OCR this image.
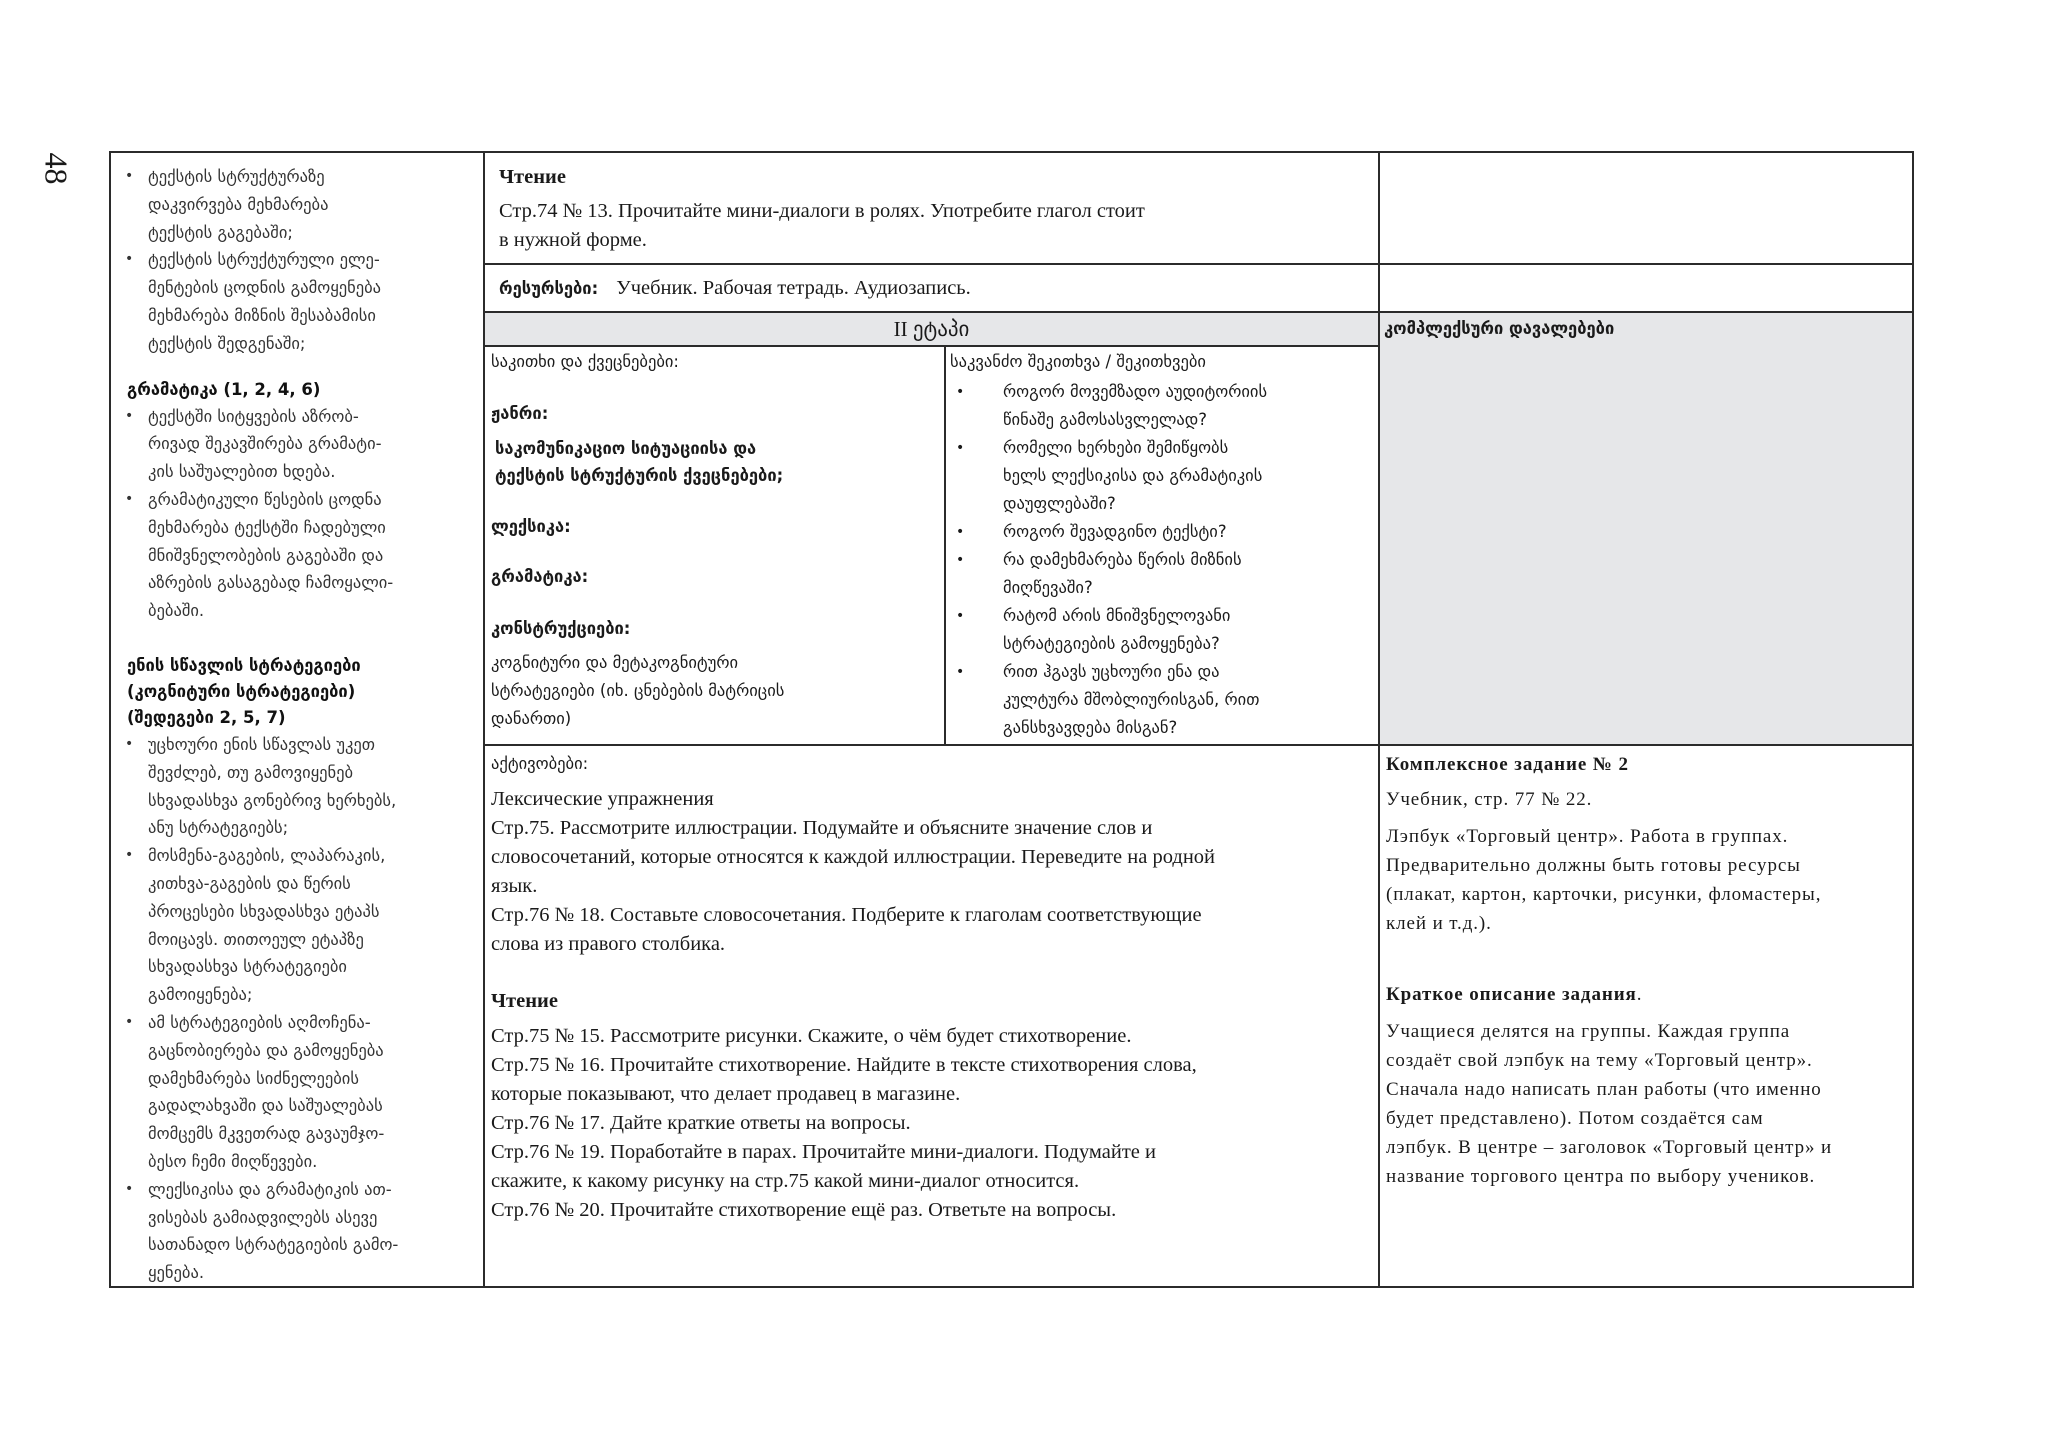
48	• ტექსტის სტრუქტურაზე
დაკვირვება მეხმარება
ტექსტის გაგებაში;
• ტექსტის სტრუქტურული ელე-
მენტების ცოდნის გამოყენება
მეხმარება მიზნის შესაბამისი
ტექსტის შედგენაში;
გრამატიკა (1, 2, 4, 6)
• ტექსტში სიტყვების აზრობ-
რივად შეკავშირება გრამატი-
კის საშუალებით ხდება.
• გრამატიკული წესების ცოდნა
მეხმარება ტექსტში ჩადებული
მნიშვნელობების გაგებაში და
აზრების გასაგებად ჩამოყალი-
ბებაში.
ენის სწავლის სტრატეგიები
(კოგნიტური სტრატეგიები)
(შედეგები 2, 5, 7)
• უცხოური ენის სწავლას უკეთ
შევძლებ, თუ გამოვიყენებ
სხვადასხვა გონებრივ ხერხებს,
ანუ სტრატეგიებს;
• მოსმენა-გაგების, ლაპარაკის,
კითხვა-გაგების და წერის
პროცესები სხვადასხვა ეტაპს
მოიცავს. თითოეულ ეტაპზე
სხვადასხვა სტრატეგიები
გამოიყენება;
• ამ სტრატეგიების აღმოჩენა-
გაცნობიერება და გამოყენება
დამეხმარება სიძნელეების
გადალახვაში და საშუალებას
მომცემს მკვეთრად გავაუმჯო-
ბესო ჩემი მიღწევები.
• ლექსიკისა და გრამატიკის ათ-
ვისებას გამიადვილებს ასევე
სათანადო სტრატეგიების გამო-
ყენება.
Чтение
Стр.74 № 13. Прочитайте мини-диалоги в ролях. Употребите глагол стоит
в нужной форме.
რესურსები: Учебник. Рабочая тетрадь. Аудиозапись.
II ეტაპი	კომპლექსური დავალებები
საკითხი და ქვეცნებები:
ჟანრი:
საკომუნიკაციო სიტუაციისა და
ტექსტის სტრუქტურის ქვეცნებები;
ლექსიკა:
გრამატიკა:
კონსტრუქციები:
კოგნიტური და მეტაკოგნიტური
სტრატეგიები (იხ. ცნებების მატრიცის
დანართი)
საკვანძო შეკითხვა / შეკითხვები
• როგორ მოვემზადო აუდიტორიის
წინაშე გამოსასვლელად?
• რომელი ხერხები შემიწყობს
ხელს ლექსიკისა და გრამატიკის
დაუფლებაში?
• როგორ შევადგინო ტექსტი?
• რა დამეხმარება წერის მიზნის
მიღწევაში?
• რატომ არის მნიშვნელოვანი
სტრატეგიების გამოყენება?
• რით ჰგავს უცხოური ენა და
კულტურა მშობლიურისგან, რით
განსხვავდება მისგან?
აქტივობები:
Лексические упражнения
Стр.75. Рассмотрите иллюстрации. Подумайте и объясните значение слов и
словосочетаний, которые относятся к каждой иллюстрации. Переведите на родной
язык.
Стр.76 № 18. Составьте словосочетания. Подберите к глаголам соответствующие
слова из правого столбика.
Чтение
Стр.75 № 15. Рассмотрите рисунки. Скажите, о чём будет стихотворение.
Стр.75 № 16. Прочитайте стихотворение. Найдите в тексте стихотворения слова,
которые показывают, что делает продавец в магазине.
Стр.76 № 17. Дайте краткие ответы на вопросы.
Стр.76 № 19. Поработайте в парах. Прочитайте мини-диалоги. Подумайте и
скажите, к какому рисунку на стр.75 какой мини-диалог относится.
Стр.76 № 20. Прочитайте стихотворение ещё раз. Ответьте на вопросы.
Комплексное задание № 2
Учебник, стр. 77 № 22.
Лэпбук «Торговый центр». Работа в группах.
Предварительно должны быть готовы ресурсы
(плакат, картон, карточки, рисунки, фломастеры,
клей и т.д.).
Краткое описание задания.
Учащиеся делятся на группы. Каждая группа
создаёт свой лэпбук на тему «Торговый центр».
Сначала надо написать план работы (что именно
будет представлено). Потом создаётся сам
лэпбук. В центре – заголовок «Торговый центр» и
название торгового центра по выбору учеников.
